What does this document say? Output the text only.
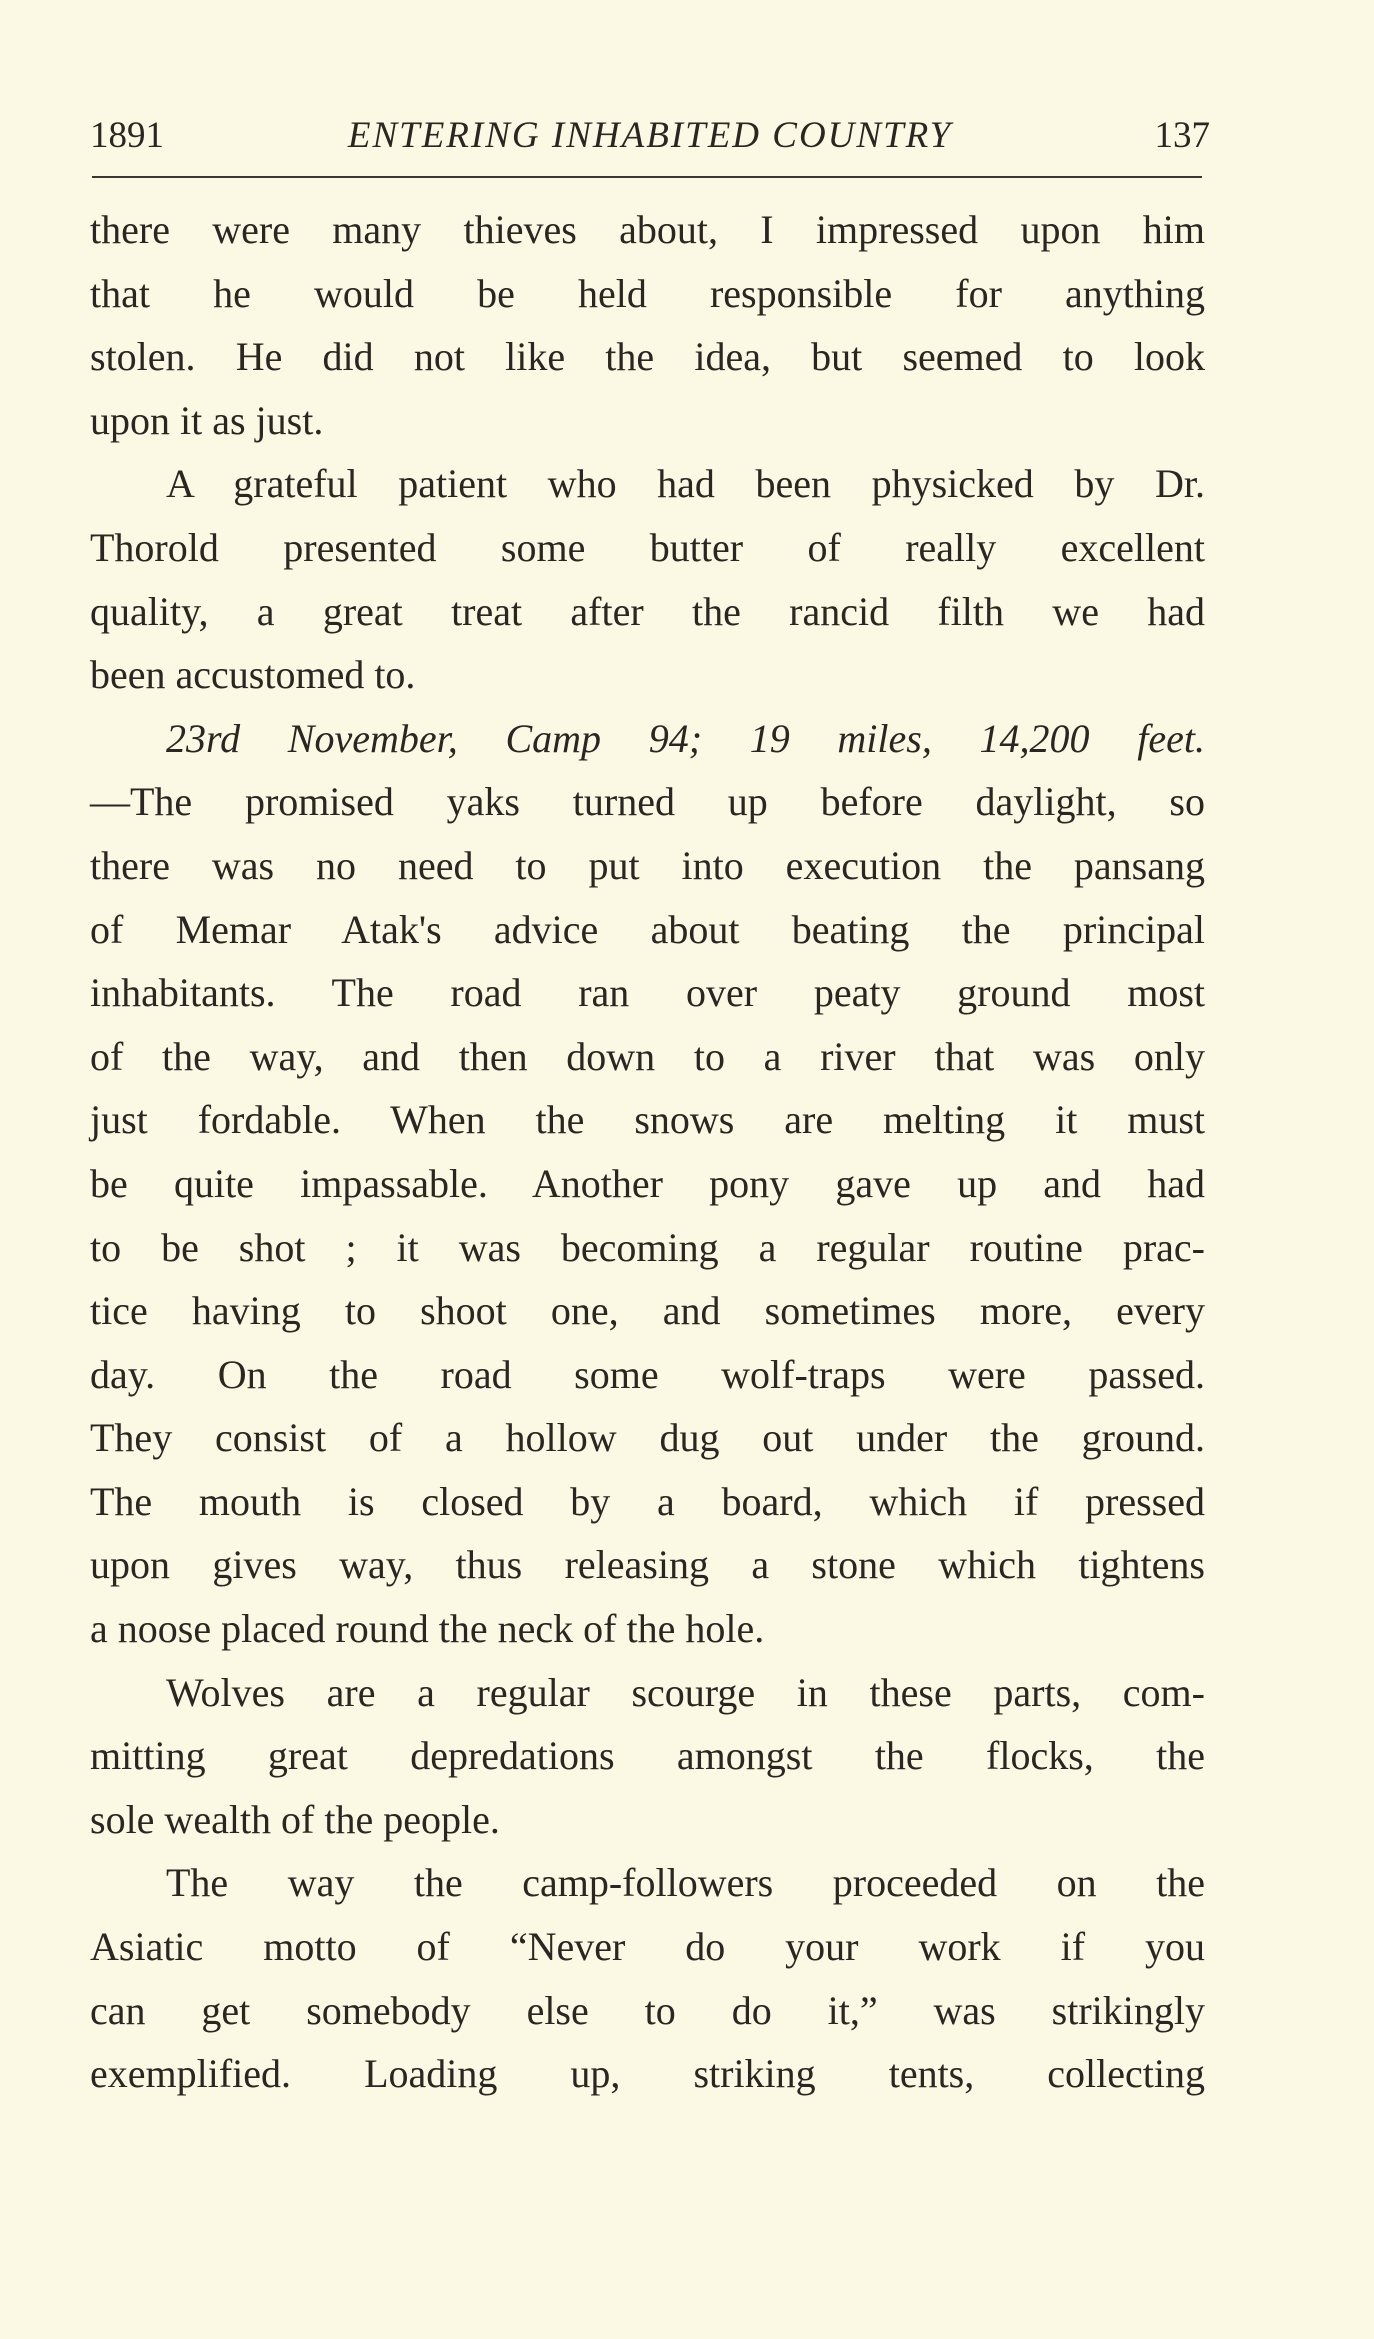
1891	ENTERING INHABITED COUNTRY	137

there were many thieves about, I impressed upon him

that he would be held responsible for anything

stolen. He did not like the idea, but seemed to look

upon it as just.

A grateful patient who had been physicked by Dr.

Thorold presented some butter of really excellent

quality, a great treat after the rancid filth we had

been accustomed to.

23rd November, Camp 94; 19 miles, 14,200 feet.

—The promised yaks turned up before daylight, so

there was no need to put into execution the pansang

of Memar Atak's advice about beating the principal

inhabitants. The road ran over peaty ground most

of the way, and then down to a river that was only

just fordable. When the snows are melting it must

be quite impassable. Another pony gave up and had

to be shot ; it was becoming a regular routine prac-

tice having to shoot one, and sometimes more, every

day. On the road some wolf-traps were passed.

They consist of a hollow dug out under the ground.

The mouth is closed by a board, which if pressed

upon gives way, thus releasing a stone which tightens

a noose placed round the neck of the hole.

Wolves are a regular scourge in these parts, com-

mitting great depredations amongst the flocks, the

sole wealth of the people.

The way the camp-followers proceeded on the

Asiatic motto of “Never do your work if you

can get somebody else to do it,” was strikingly

exemplified. Loading up, striking tents, collecting
